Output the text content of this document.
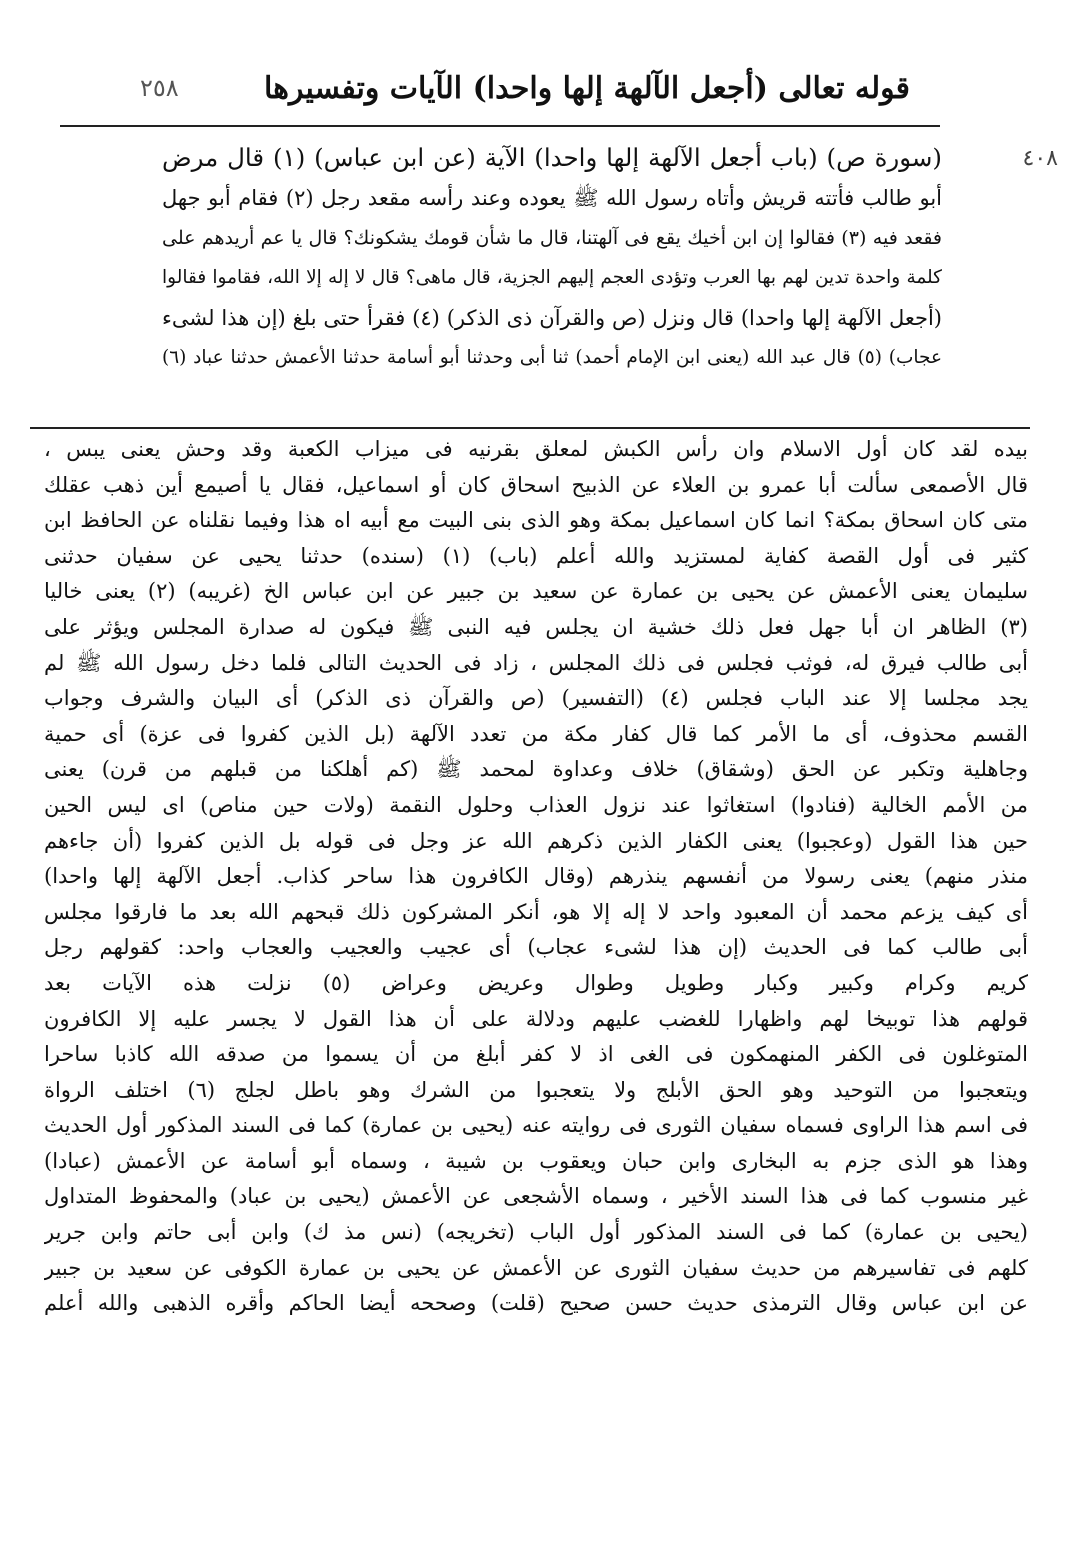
قوله تعالى (أجعل الآلهة إلها واحدا) الآيات وتفسيرها
٢٥٨
٤٠٨

(سورة ص) (باب أجعل الآلهة إلها واحدا) الآية (عن ابن عباس) (١) قال مرض

أبو طالب فأتته قريش وأتاه رسول الله ﷺ يعوده وعند رأسه مقعد رجل (٢) فقام أبو جهل

فقعد فيه (٣) فقالوا إن ابن أخيك يقع فى آلهتنا، قال ما شأن قومك يشكونك؟ قال يا عم أريدهم على

كلمة واحدة تدين لهم بها العرب وتؤدى العجم إليهم الجزية، قال ماهى؟ قال لا إله إلا الله، فقاموا فقالوا

(أجعل الآلهة إلها واحدا) قال ونزل (ص والقرآن ذى الذكر) (٤) فقرأ حتى بلغ (إن هذا لشىء

عجاب) (٥) قال عبد الله (يعنى ابن الإمام أحمد) ثنا أبى وحدثنا أبو أسامة حدثنا الأعمش حدثنا عباد (٦)

بيده لقد كان أول الاسلام وان رأس الكبش لمعلق بقرنيه فى ميزاب الكعبة وقد وحش يعنى يبس ،

قال الأصمعى سألت أبا عمرو بن العلاء عن الذبيح اسحاق كان أو اسماعيل، فقال يا أصيمع أين ذهب عقلك

متى كان اسحاق بمكة؟ انما كان اسماعيل بمكة وهو الذى بنى البيت مع أبيه اه هذا وفيما نقلناه عن الحافظ ابن

كثير فى أول القصة كفاية لمستزيد والله أعلم (باب) (١) (سنده) حدثنا يحيى عن سفيان حدثنى

سليمان يعنى الأعمش عن يحيى بن عمارة عن سعيد بن جبير عن ابن عباس الخ (غريبه) (٢) يعنى خاليا

(٣) الظاهر ان أبا جهل فعل ذلك خشية ان يجلس فيه النبى ﷺ فيكون له صدارة المجلس ويؤثر على

أبى طالب فيرق له، فوثب فجلس فى ذلك المجلس ، زاد فى الحديث التالى فلما دخل رسول الله ﷺ لم

يجد مجلسا إلا عند الباب فجلس (٤) (التفسير) (ص والقرآن ذى الذكر) أى البيان والشرف وجواب

القسم محذوف، أى ما الأمر كما قال كفار مكة من تعدد الآلهة (بل الذين كفروا فى عزة) أى حمية

وجاهلية وتكبر عن الحق (وشقاق) خلاف وعداوة لمحمد ﷺ (كم أهلكنا من قبلهم من قرن) يعنى

من الأمم الخالية (فنادوا) استغاثوا عند نزول العذاب وحلول النقمة (ولات حين مناص) اى ليس الحين

حين هذا القول (وعجبوا) يعنى الكفار الذين ذكرهم الله عز وجل فى قوله بل الذين كفروا (أن جاءهم

منذر منهم) يعنى رسولا من أنفسهم ينذرهم (وقال الكافرون هذا ساحر كذاب. أجعل الآلهة إلها واحدا)

أى كيف يزعم محمد أن المعبود واحد لا إله إلا هو، أنكر المشركون ذلك قبحهم الله بعد ما فارقوا مجلس

أبى طالب كما فى الحديث (إن هذا لشىء عجاب) أى عجيب والعجيب والعجاب واحد: كقولهم رجل

كريم وكرام وكبير وكبار وطويل وطوال وعريض وعراض (٥) نزلت هذه الآيات بعد

قولهم هذا توبيخا لهم واظهارا للغضب عليهم ودلالة على أن هذا القول لا يجسر عليه إلا الكافرون

المتوغلون فى الكفر المنهمكون فى الغى اذ لا كفر أبلغ من أن يسموا من صدقه الله كاذبا ساحرا

ويتعجبوا من التوحيد وهو الحق الأبلج ولا يتعجبوا من الشرك وهو باطل لجلج (٦) اختلف الرواة

فى اسم هذا الراوى فسماه سفيان الثورى فى روايته عنه (يحيى بن عمارة) كما فى السند المذكور أول الحديث

وهذا هو الذى جزم به البخارى وابن حبان ويعقوب بن شيبة ، وسماه أبو أسامة عن الأعمش (عبادا)

غير منسوب كما فى هذا السند الأخير ، وسماه الأشجعى عن الأعمش (يحيى بن عباد) والمحفوظ المتداول

(يحيى بن عمارة) كما فى السند المذكور أول الباب (تخريجه) (نس مذ ك) وابن أبى حاتم وابن جرير

كلهم فى تفاسيرهم من حديث سفيان الثورى عن الأعمش عن يحيى بن عمارة الكوفى عن سعيد بن جبير

عن ابن عباس وقال الترمذى حديث حسن صحيح (قلت) وصححه أيضا الحاكم وأقره الذهبى والله أعلم
